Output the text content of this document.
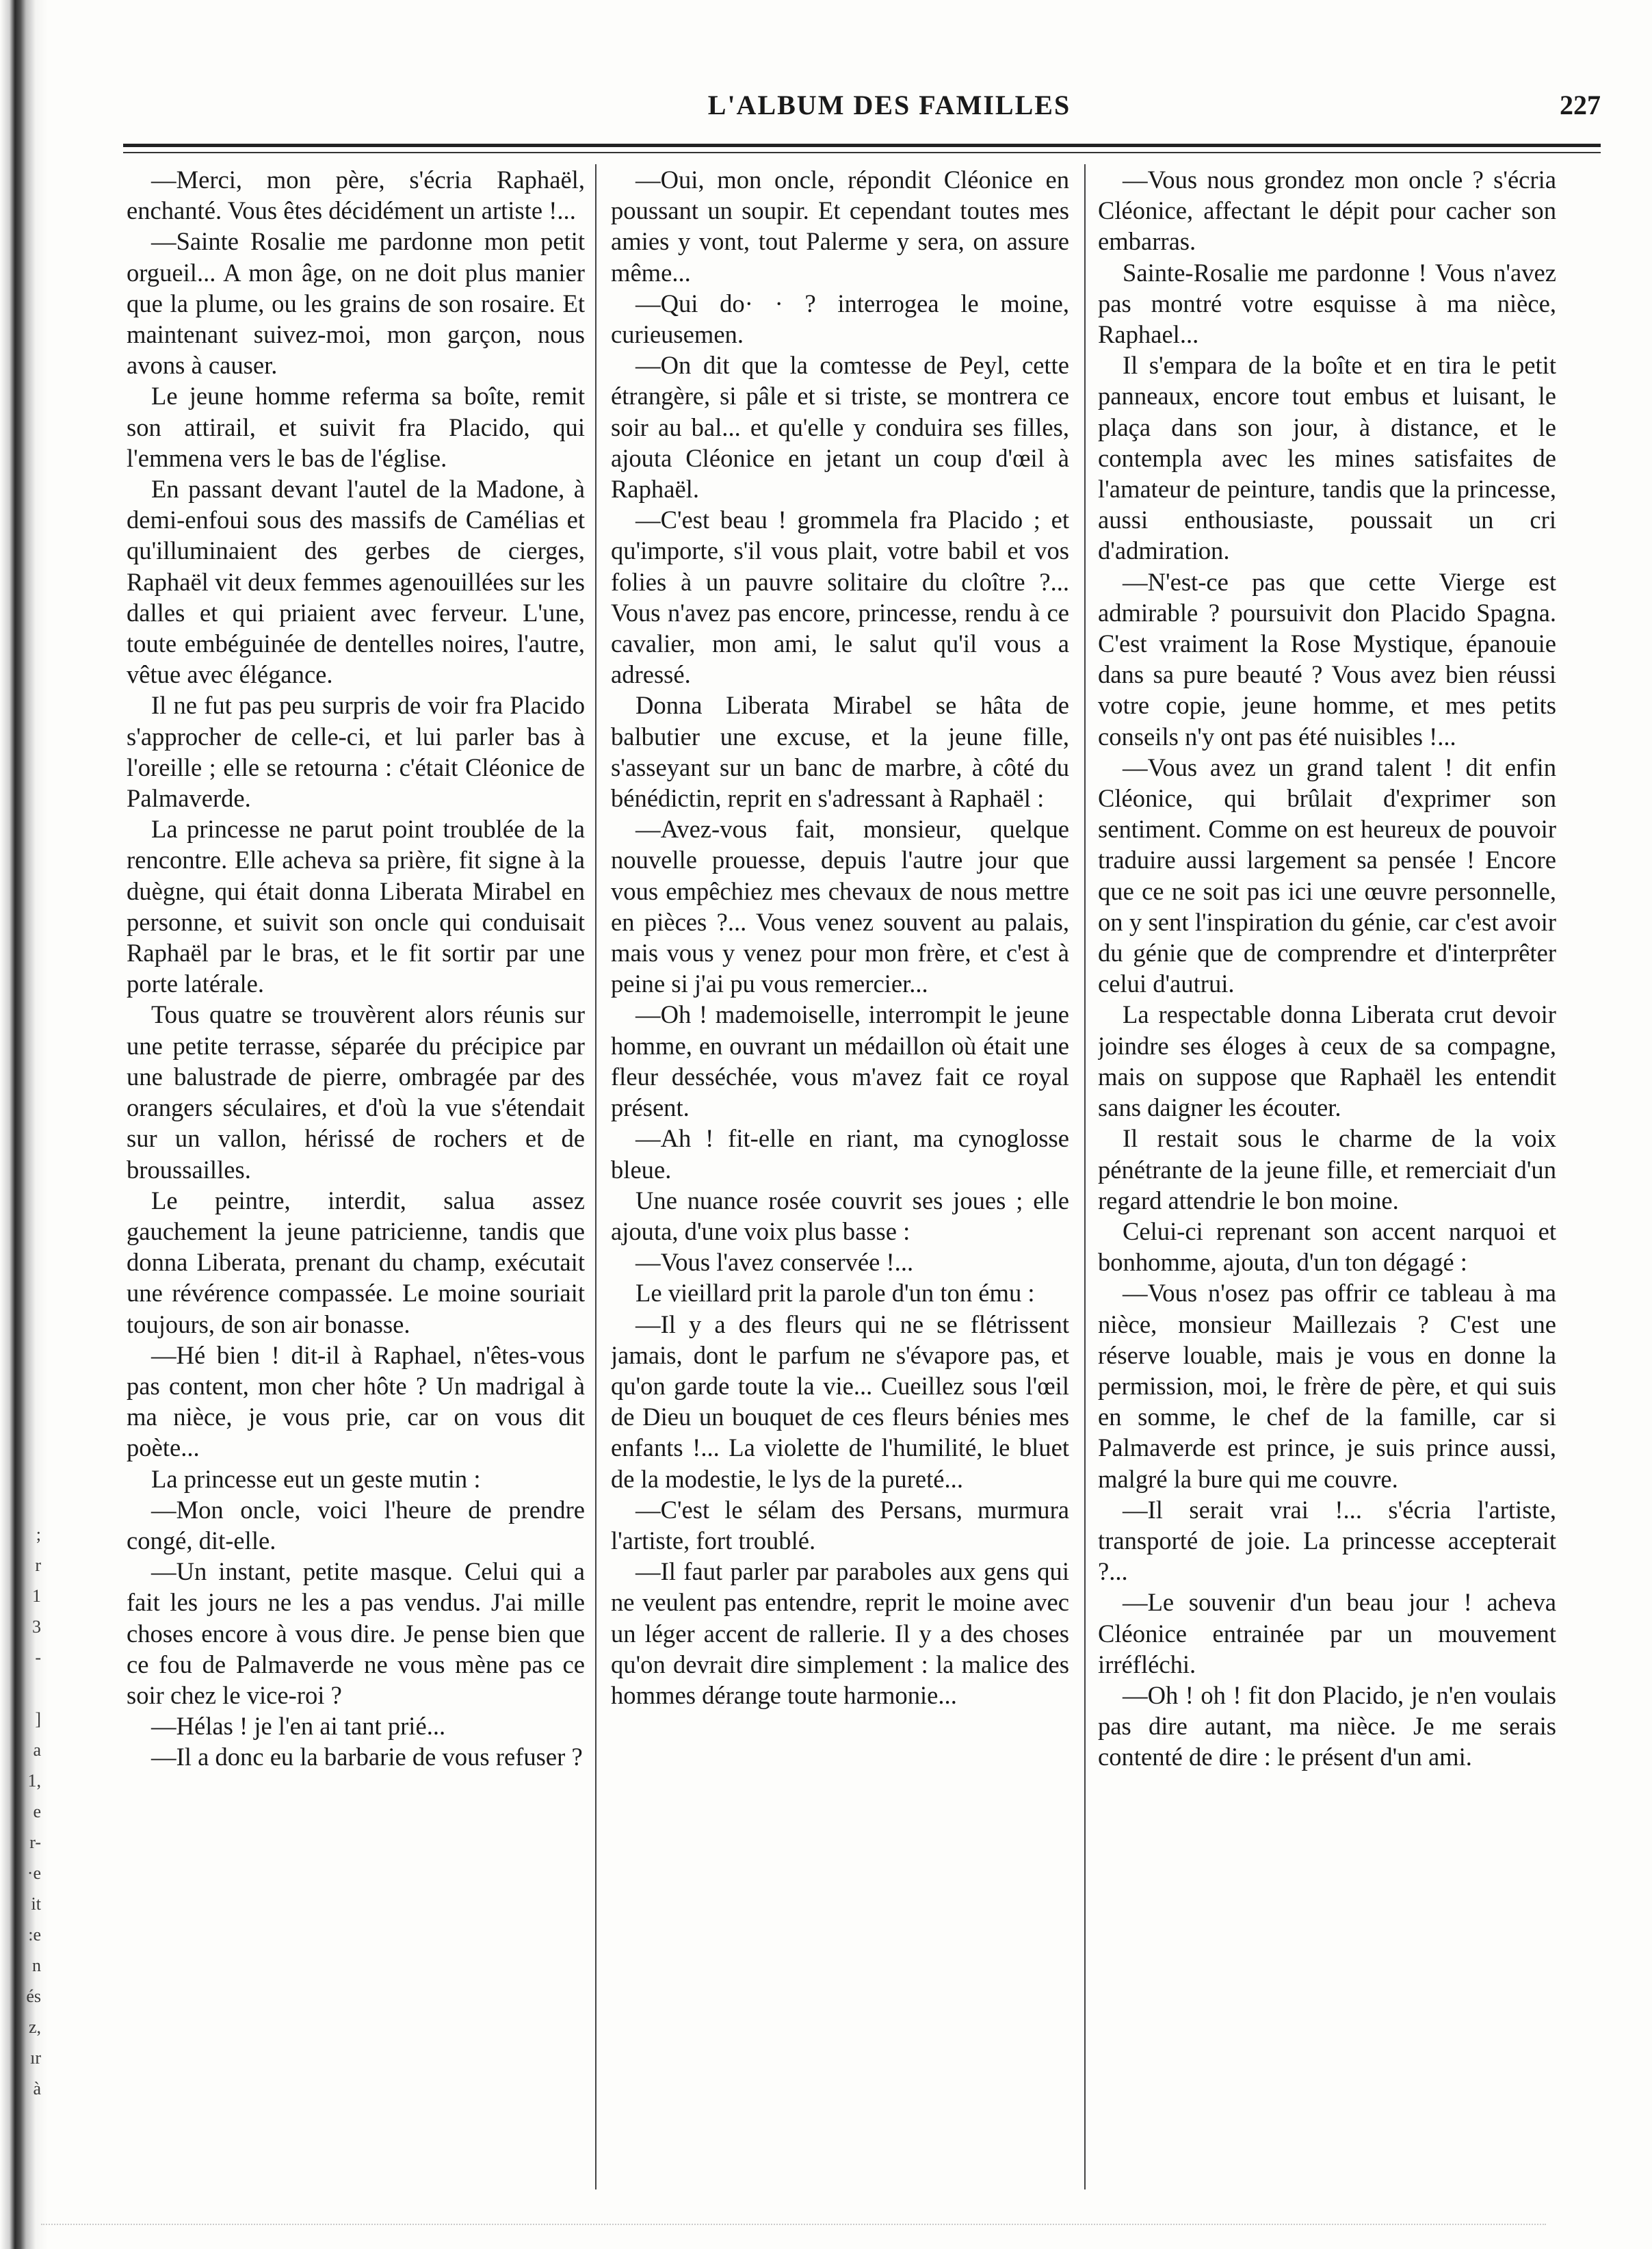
;
r
1
3
-

]
a
1,
e
r-
·e
it
:e
n
és
z,
ır
à
L'ALBUM DES FAMILLES	227

—Merci, mon père, s'écria Raphaël, enchanté. Vous êtes décidément un artiste !...

—Sainte Rosalie me pardonne mon petit orgueil... A mon âge, on ne doit plus manier que la plume, ou les grains de son rosaire. Et maintenant suivez-moi, mon garçon, nous avons à causer.

Le jeune homme referma sa boîte, remit son attirail, et suivit fra Placido, qui l'emmena vers le bas de l'église.

En passant devant l'autel de la Madone, à demi-enfoui sous des massifs de Camélias et qu'illuminaient des gerbes de cierges, Raphaël vit deux femmes agenouillées sur les dalles et qui priaient avec ferveur. L'une, toute embéguinée de dentelles noires, l'autre, vêtue avec élégance.

Il ne fut pas peu surpris de voir fra Placido s'approcher de celle-ci, et lui parler bas à l'oreille ; elle se retourna : c'était Cléonice de Palmaverde.

La princesse ne parut point troublée de la rencontre. Elle acheva sa prière, fit signe à la duègne, qui était donna Liberata Mirabel en personne, et suivit son oncle qui conduisait Raphaël par le bras, et le fit sortir par une porte latérale.

Tous quatre se trouvèrent alors réunis sur une petite terrasse, séparée du précipice par une balustrade de pierre, ombragée par des orangers séculaires, et d'où la vue s'étendait sur un vallon, hérissé de rochers et de broussailles.

Le peintre, interdit, salua assez gauchement la jeune patricienne, tandis que donna Liberata, prenant du champ, exécutait une révérence compassée. Le moine souriait toujours, de son air bonasse.

—Hé bien ! dit-il à Raphael, n'êtes-vous pas content, mon cher hôte ? Un madrigal à ma nièce, je vous prie, car on vous dit poète...

La princesse eut un geste mutin :

—Mon oncle, voici l'heure de prendre congé, dit-elle.

—Un instant, petite masque. Celui qui a fait les jours ne les a pas vendus. J'ai mille choses encore à vous dire. Je pense bien que ce fou de Palmaverde ne vous mène pas ce soir chez le vice-roi ?

—Hélas ! je l'en ai tant prié...

—Il a donc eu la barbarie de vous refuser ?

—Oui, mon oncle, répondit Cléonice en poussant un soupir. Et cependant toutes mes amies y vont, tout Palerme y sera, on assure même...

—Qui do· · ? interrogea le moine, curieusemen.

—On dit que la comtesse de Peyl, cette étrangère, si pâle et si triste, se montrera ce soir au bal... et qu'elle y conduira ses filles, ajouta Cléonice en jetant un coup d'œil à Raphaël.

—C'est beau ! grommela fra Placido ; et qu'importe, s'il vous plait, votre babil et vos folies à un pauvre solitaire du cloître ?... Vous n'avez pas encore, princesse, rendu à ce cavalier, mon ami, le salut qu'il vous a adressé.

Donna Liberata Mirabel se hâta de balbutier une excuse, et la jeune fille, s'asseyant sur un banc de marbre, à côté du bénédictin, reprit en s'adressant à Raphaël :

—Avez-vous fait, monsieur, quelque nouvelle prouesse, depuis l'autre jour que vous empêchiez mes chevaux de nous mettre en pièces ?... Vous venez souvent au palais, mais vous y venez pour mon frère, et c'est à peine si j'ai pu vous remercier...

—Oh ! mademoiselle, interrompit le jeune homme, en ouvrant un médaillon où était une fleur desséchée, vous m'avez fait ce royal présent.

—Ah ! fit-elle en riant, ma cynoglosse bleue.

Une nuance rosée couvrit ses joues ; elle ajouta, d'une voix plus basse :

—Vous l'avez conservée !...

Le vieillard prit la parole d'un ton ému :

—Il y a des fleurs qui ne se flétrissent jamais, dont le parfum ne s'évapore pas, et qu'on garde toute la vie... Cueillez sous l'œil de Dieu un bouquet de ces fleurs bénies mes enfants !... La violette de l'humilité, le bluet de la modestie, le lys de la pureté...

—C'est le sélam des Persans, murmura l'artiste, fort troublé.

—Il faut parler par paraboles aux gens qui ne veulent pas entendre, reprit le moine avec un léger accent de rallerie. Il y a des choses qu'on devrait dire simplement : la malice des hommes dérange toute harmonie...

—Vous nous grondez mon oncle ? s'écria Cléonice, affectant le dépit pour cacher son embarras.

Sainte-Rosalie me pardonne ! Vous n'avez pas montré votre esquisse à ma nièce, Raphael...

Il s'empara de la boîte et en tira le petit panneaux, encore tout embus et luisant, le plaça dans son jour, à distance, et le contempla avec les mines satisfaites de l'amateur de peinture, tandis que la princesse, aussi enthousiaste, poussait un cri d'admiration.

—N'est-ce pas que cette Vierge est admirable ? poursuivit don Placido Spagna. C'est vraiment la Rose Mystique, épanouie dans sa pure beauté ? Vous avez bien réussi votre copie, jeune homme, et mes petits conseils n'y ont pas été nuisibles !...

—Vous avez un grand talent ! dit enfin Cléonice, qui brûlait d'exprimer son sentiment. Comme on est heureux de pouvoir traduire aussi largement sa pensée ! Encore que ce ne soit pas ici une œuvre personnelle, on y sent l'inspiration du génie, car c'est avoir du génie que de comprendre et d'interprêter celui d'autrui.

La respectable donna Liberata crut devoir joindre ses éloges à ceux de sa compagne, mais on suppose que Raphaël les entendit sans daigner les écouter.

Il restait sous le charme de la voix pénétrante de la jeune fille, et remerciait d'un regard attendrie le bon moine.

Celui-ci reprenant son accent narquoi et bonhomme, ajouta, d'un ton dégagé :

—Vous n'osez pas offrir ce tableau à ma nièce, monsieur Maillezais ? C'est une réserve louable, mais je vous en donne la permission, moi, le frère de père, et qui suis en somme, le chef de la famille, car si Palmaverde est prince, je suis prince aussi, malgré la bure qui me couvre.

—Il serait vrai !... s'écria l'artiste, transporté de joie. La princesse accepterait ?...

—Le souvenir d'un beau jour ! acheva Cléonice entrainée par un mouvement irréfléchi.

—Oh ! oh ! fit don Placido, je n'en voulais pas dire autant, ma nièce. Je me serais contenté de dire : le présent d'un ami.
